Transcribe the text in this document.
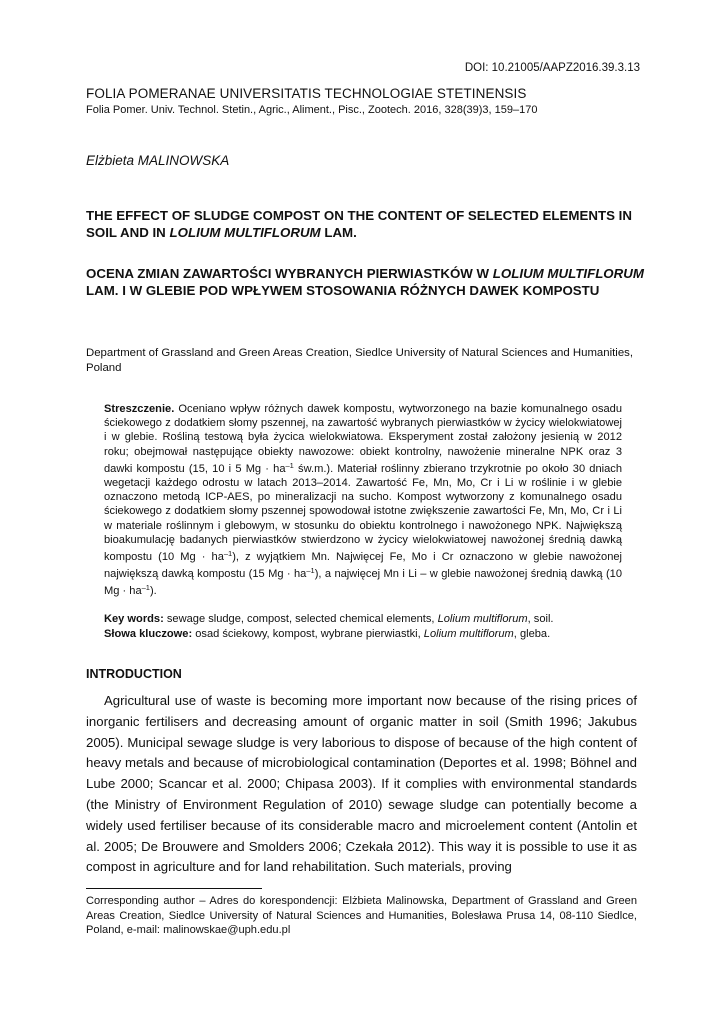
DOI: 10.21005/AAPZ2016.39.3.13
FOLIA POMERANAE UNIVERSITATIS TECHNOLOGIAE STETINENSIS
Folia Pomer. Univ. Technol. Stetin., Agric., Aliment., Pisc., Zootech. 2016, 328(39)3, 159–170
Elżbieta MALINOWSKA
THE EFFECT OF SLUDGE COMPOST ON THE CONTENT OF SELECTED ELEMENTS IN SOIL AND IN LOLIUM MULTIFLORUM LAM.
OCENA ZMIAN ZAWARTOŚCI WYBRANYCH PIERWIASTKÓW W LOLIUM MULTIFLORUM LAM. I W GLEBIE POD WPŁYWEM STOSOWANIA RÓŻNYCH DAWEK KOMPOSTU
Department of Grassland and Green Areas Creation, Siedlce University of Natural Sciences and Humanities, Poland
Streszczenie. Oceniano wpływ różnych dawek kompostu, wytworzonego na bazie komunalnego osadu ściekowego z dodatkiem słomy pszennej, na zawartość wybranych pierwiastków w życicy wielokwiatowej i w glebie. Rośliną testową była życica wielokwiatowa. Eksperyment został założony jesienią w 2012 roku; obejmował następujące obiekty nawozowe: obiekt kontrolny, nawożenie mineralne NPK oraz 3 dawki kompostu (15, 10 i 5 $Mg \cdot ha^{-1}$ św.m.). Materiał roślinny zbierano trzykrotnie po około 30 dniach wegetacji każdego odrostu w latach 2013–2014. Zawartość Fe, Mn, Mo, Cr i Li w roślinie i w glebie oznaczono metodą ICP-AES, po mineralizacji na sucho. Kompost wytworzony z komunalnego osadu ściekowego z dodatkiem słomy pszennej spowodował istotne zwiększenie zawartości Fe, Mn, Mo, Cr i Li w materiale roślinnym i glebowym, w stosunku do obiektu kontrolnego i nawożonego NPK. Największą bioakumulację badanych pierwiastków stwierdzono w życicy wielokwiatowej nawożonej średnią dawką kompostu (10 $Mg \cdot ha^{-1}$), z wyjątkiem Mn. Najwięcej Fe, Mo i Cr oznaczono w glebie nawożonej największą dawką kompostu (15 $Mg \cdot ha^{-1}$), a najwięcej Mn i Li – w glebie nawożonej średnią dawką (10 $Mg \cdot ha^{-1}$).
Key words: sewage sludge, compost, selected chemical elements, Lolium multiflorum, soil.
Słowa kluczowe: osad ściekowy, kompost, wybrane pierwiastki, Lolium multiflorum, gleba.
INTRODUCTION
Agricultural use of waste is becoming more important now because of the rising prices of inorganic fertilisers and decreasing amount of organic matter in soil (Smith 1996; Jakubus 2005). Municipal sewage sludge is very laborious to dispose of because of the high content of heavy metals and because of microbiological contamination (Deportes et al. 1998; Böhnel and Lube 2000; Scancar et al. 2000; Chipasa 2003). If it complies with environmental standards (the Ministry of Environment Regulation of 2010) sewage sludge can potentially become a widely used fertiliser because of its considerable macro and microelement content (Antolin et al. 2005; De Brouwere and Smolders 2006; Czekała 2012). This way it is possible to use it as compost in agriculture and for land rehabilitation. Such materials, proving
Corresponding author – Adres do korespondencji: Elżbieta Malinowska, Department of Grassland and Green Areas Creation, Siedlce University of Natural Sciences and Humanities, Bolesława Prusa 14, 08-110 Siedlce, Poland, e-mail: malinowskae@uph.edu.pl
